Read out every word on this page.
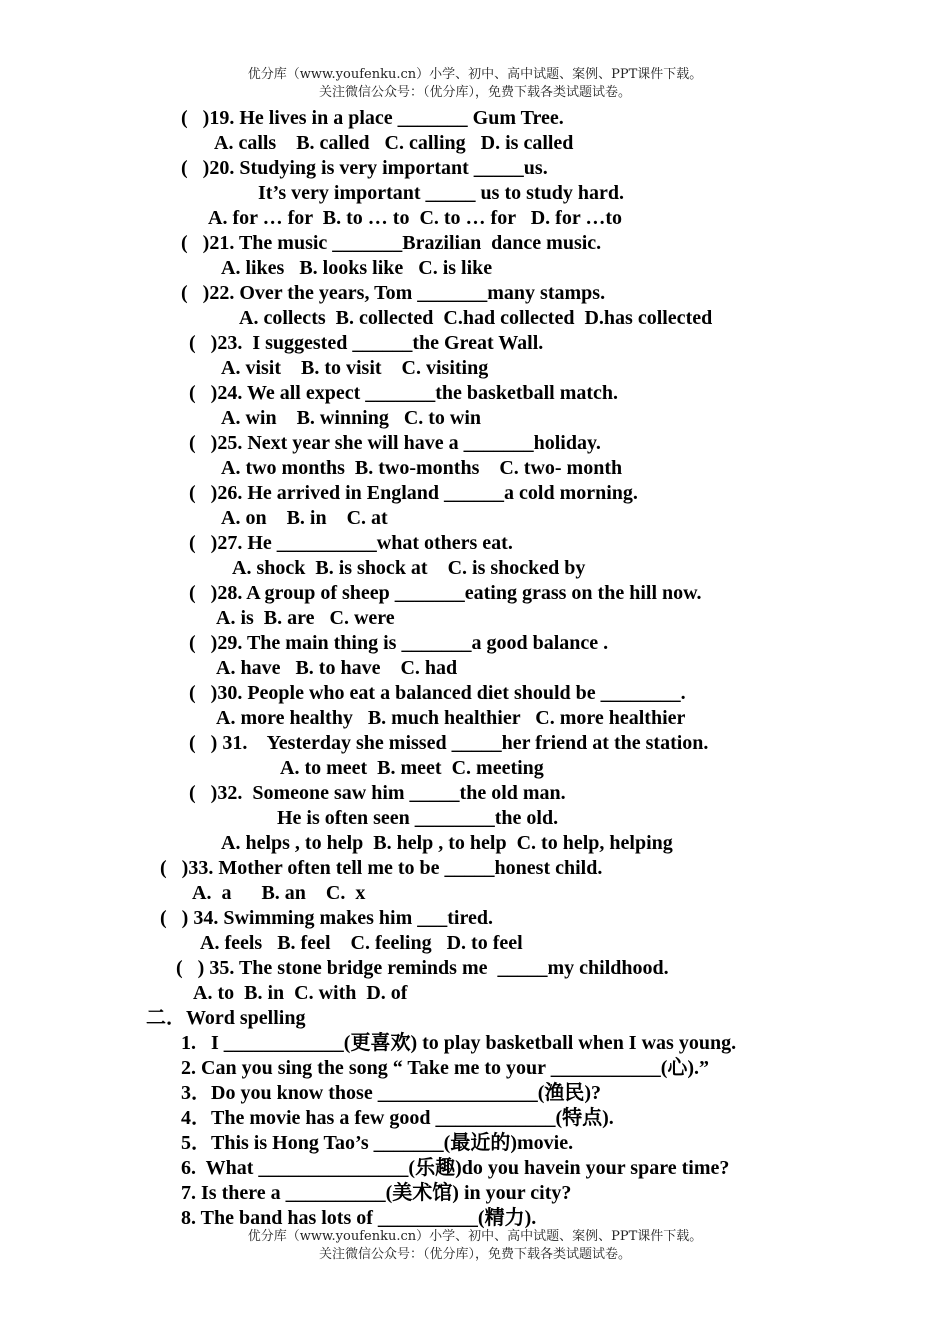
优分库（www.youfenku.cn）小学、初中、高中试题、案例、PPT课件下载。
关注微信公众号：（优分库），免费下载各类试题试卷。
(   )19. He lives in a place _______ Gum Tree.
A. calls    B. called   C. calling   D. is called
(   )20. Studying is very important _____us.
It’s very important _____ us to study hard.
A. for … for  B. to … to  C. to … for   D. for …to
(   )21. The music _______Brazilian  dance music.
A. likes   B. looks like   C. is like
(   )22. Over the years, Tom _______many stamps.
A. collects  B. collected  C.had collected  D.has collected
(   )23.  I suggested ______the Great Wall.
A. visit    B. to visit    C. visiting
(   )24. We all expect _______the basketball match.
A. win    B. winning   C. to win
(   )25. Next year she will have a _______holiday.
A. two months  B. two-months    C. two- month
(   )26. He arrived in England ______a cold morning.
A. on    B. in    C. at
(   )27. He __________what others eat.
A. shock  B. is shock at    C. is shocked by
(   )28. A group of sheep _______eating grass on the hill now.
A. is  B. are   C. were
(   )29. The main thing is _______a good balance .
A. have   B. to have    C. had
(   )30. People who eat a balanced diet should be ________.
A. more healthy   B. much healthier   C. more healthier
(   ) 31.    Yesterday she missed _____her friend at the station.
A. to meet  B. meet  C. meeting
(   )32.  Someone saw him _____the old man.
He is often seen ________the old.
A. helps , to help  B. help , to help  C. to help, helping
(   )33. Mother often tell me to be _____honest child.
A.  a      B. an    C.  x
(   ) 34. Swimming makes him ___tired.
A. feels   B. feel    C. feeling   D. to feel
(   ) 35. The stone bridge reminds me  _____my childhood.
A. to  B. in  C. with  D. of
二．Word spelling
1.   I ____________(更喜欢) to play basketball when I was young.
2. Can you sing the song “ Take me to your ___________(心).”
3．Do you know those ________________(渔民)?
4．The movie has a few good ____________(特点).
5．This is Hong Tao’s _______(最近的)movie.
6.  What _______________(乐趣)do you havein your spare time?
7. Is there a __________(美术馆) in your city?
8. The band has lots of __________(精力).
优分库（www.youfenku.cn）小学、初中、高中试题、案例、PPT课件下载。
关注微信公众号：（优分库），免费下载各类试题试卷。
